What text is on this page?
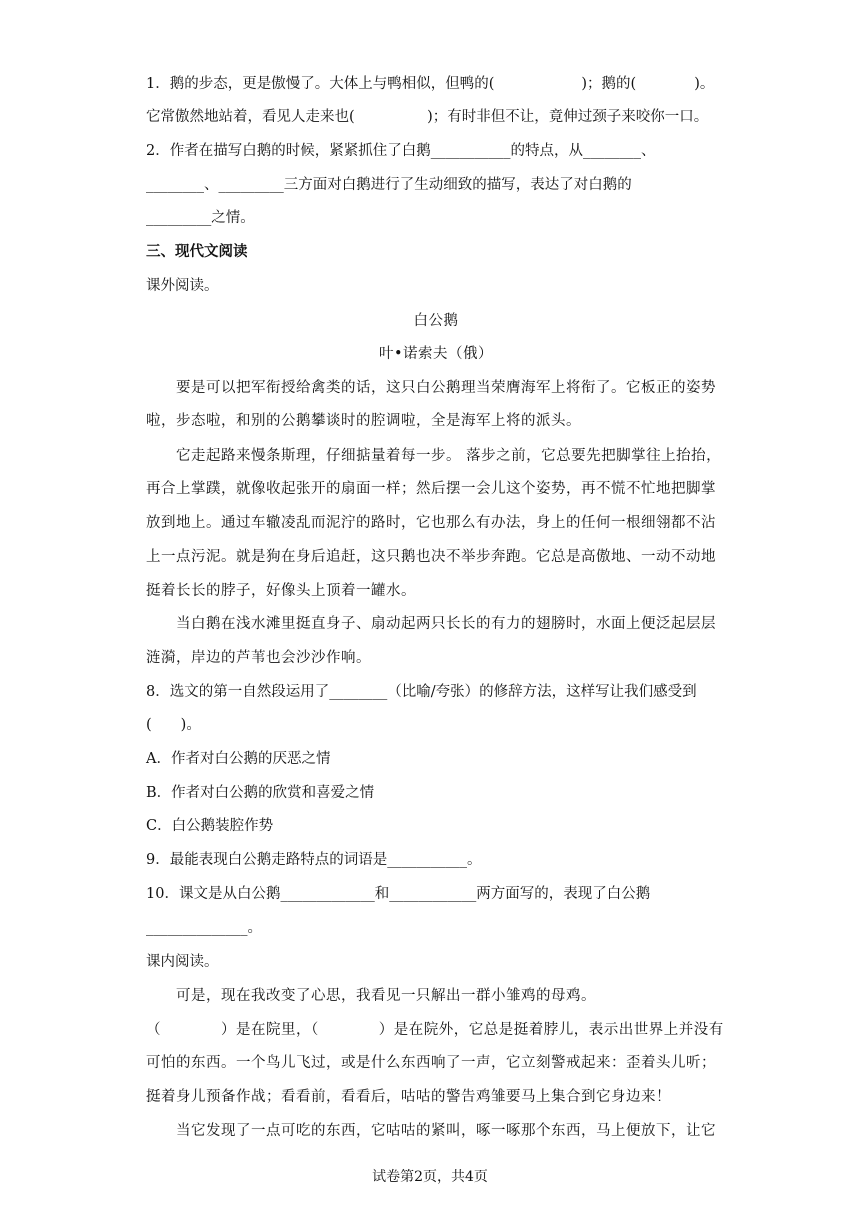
1．鹅的步态，更是傲慢了。大体上与鸭相似，但鸭的(　　　　　　)；鹅的(　　　　)。
它常傲然地站着，看见人走来也(　　　　　)；有时非但不让，竟伸过颈子来咬你一口。
2．作者在描写白鹅的时候，紧紧抓住了白鹅___________的特点，从________、
________、_________三方面对白鹅进行了生动细致的描写，表达了对白鹅的
_________之情。
三、现代文阅读
课外阅读。
白公鹅
叶•诺索夫（俄）
要是可以把军衔授给禽类的话，这只白公鹅理当荣膺海军上将衔了。它板正的姿势
啦，步态啦，和别的公鹅攀谈时的腔调啦，全是海军上将的派头。
它走起路来慢条斯理，仔细掂量着每一步。 落步之前，它总要先把脚掌往上抬抬，
再合上掌蹼，就像收起张开的扇面一样；然后摆一会儿这个姿势，再不慌不忙地把脚掌
放到地上。通过车辙凌乱而泥泞的路时，它也那么有办法，身上的任何一根细翎都不沾
上一点污泥。就是狗在身后追赶，这只鹅也决不举步奔跑。它总是高傲地、一动不动地
挺着长长的脖子，好像头上顶着一罐水。
当白鹅在浅水滩里挺直身子、扇动起两只长长的有力的翅膀时，水面上便泛起层层
涟漪，岸边的芦苇也会沙沙作响。
8．选文的第一自然段运用了________（比喻/夸张）的修辞方法，这样写让我们感受到
(　　)。
A．作者对白公鹅的厌恶之情
B．作者对白公鹅的欣赏和喜爱之情
C．白公鹅装腔作势
9．最能表现白公鹅走路特点的词语是___________。
10．课文是从白公鹅_____________和____________两方面写的，表现了白公鹅
______________。
课内阅读。
可是，现在我改变了心思，我看见一只解出一群小雏鸡的母鸡。
（　　　　）是在院里，（　　　　）是在院外，它总是挺着脖儿，表示出世界上并没有
可怕的东西。一个鸟儿飞过，或是什么东西响了一声，它立刻警戒起来：歪着头儿听；
挺着身儿预备作战；看看前，看看后，咕咕的警告鸡雏要马上集合到它身边来！
当它发现了一点可吃的东西，它咕咕的紧叫，啄一啄那个东西，马上便放下，让它
试卷第2页，共4页
